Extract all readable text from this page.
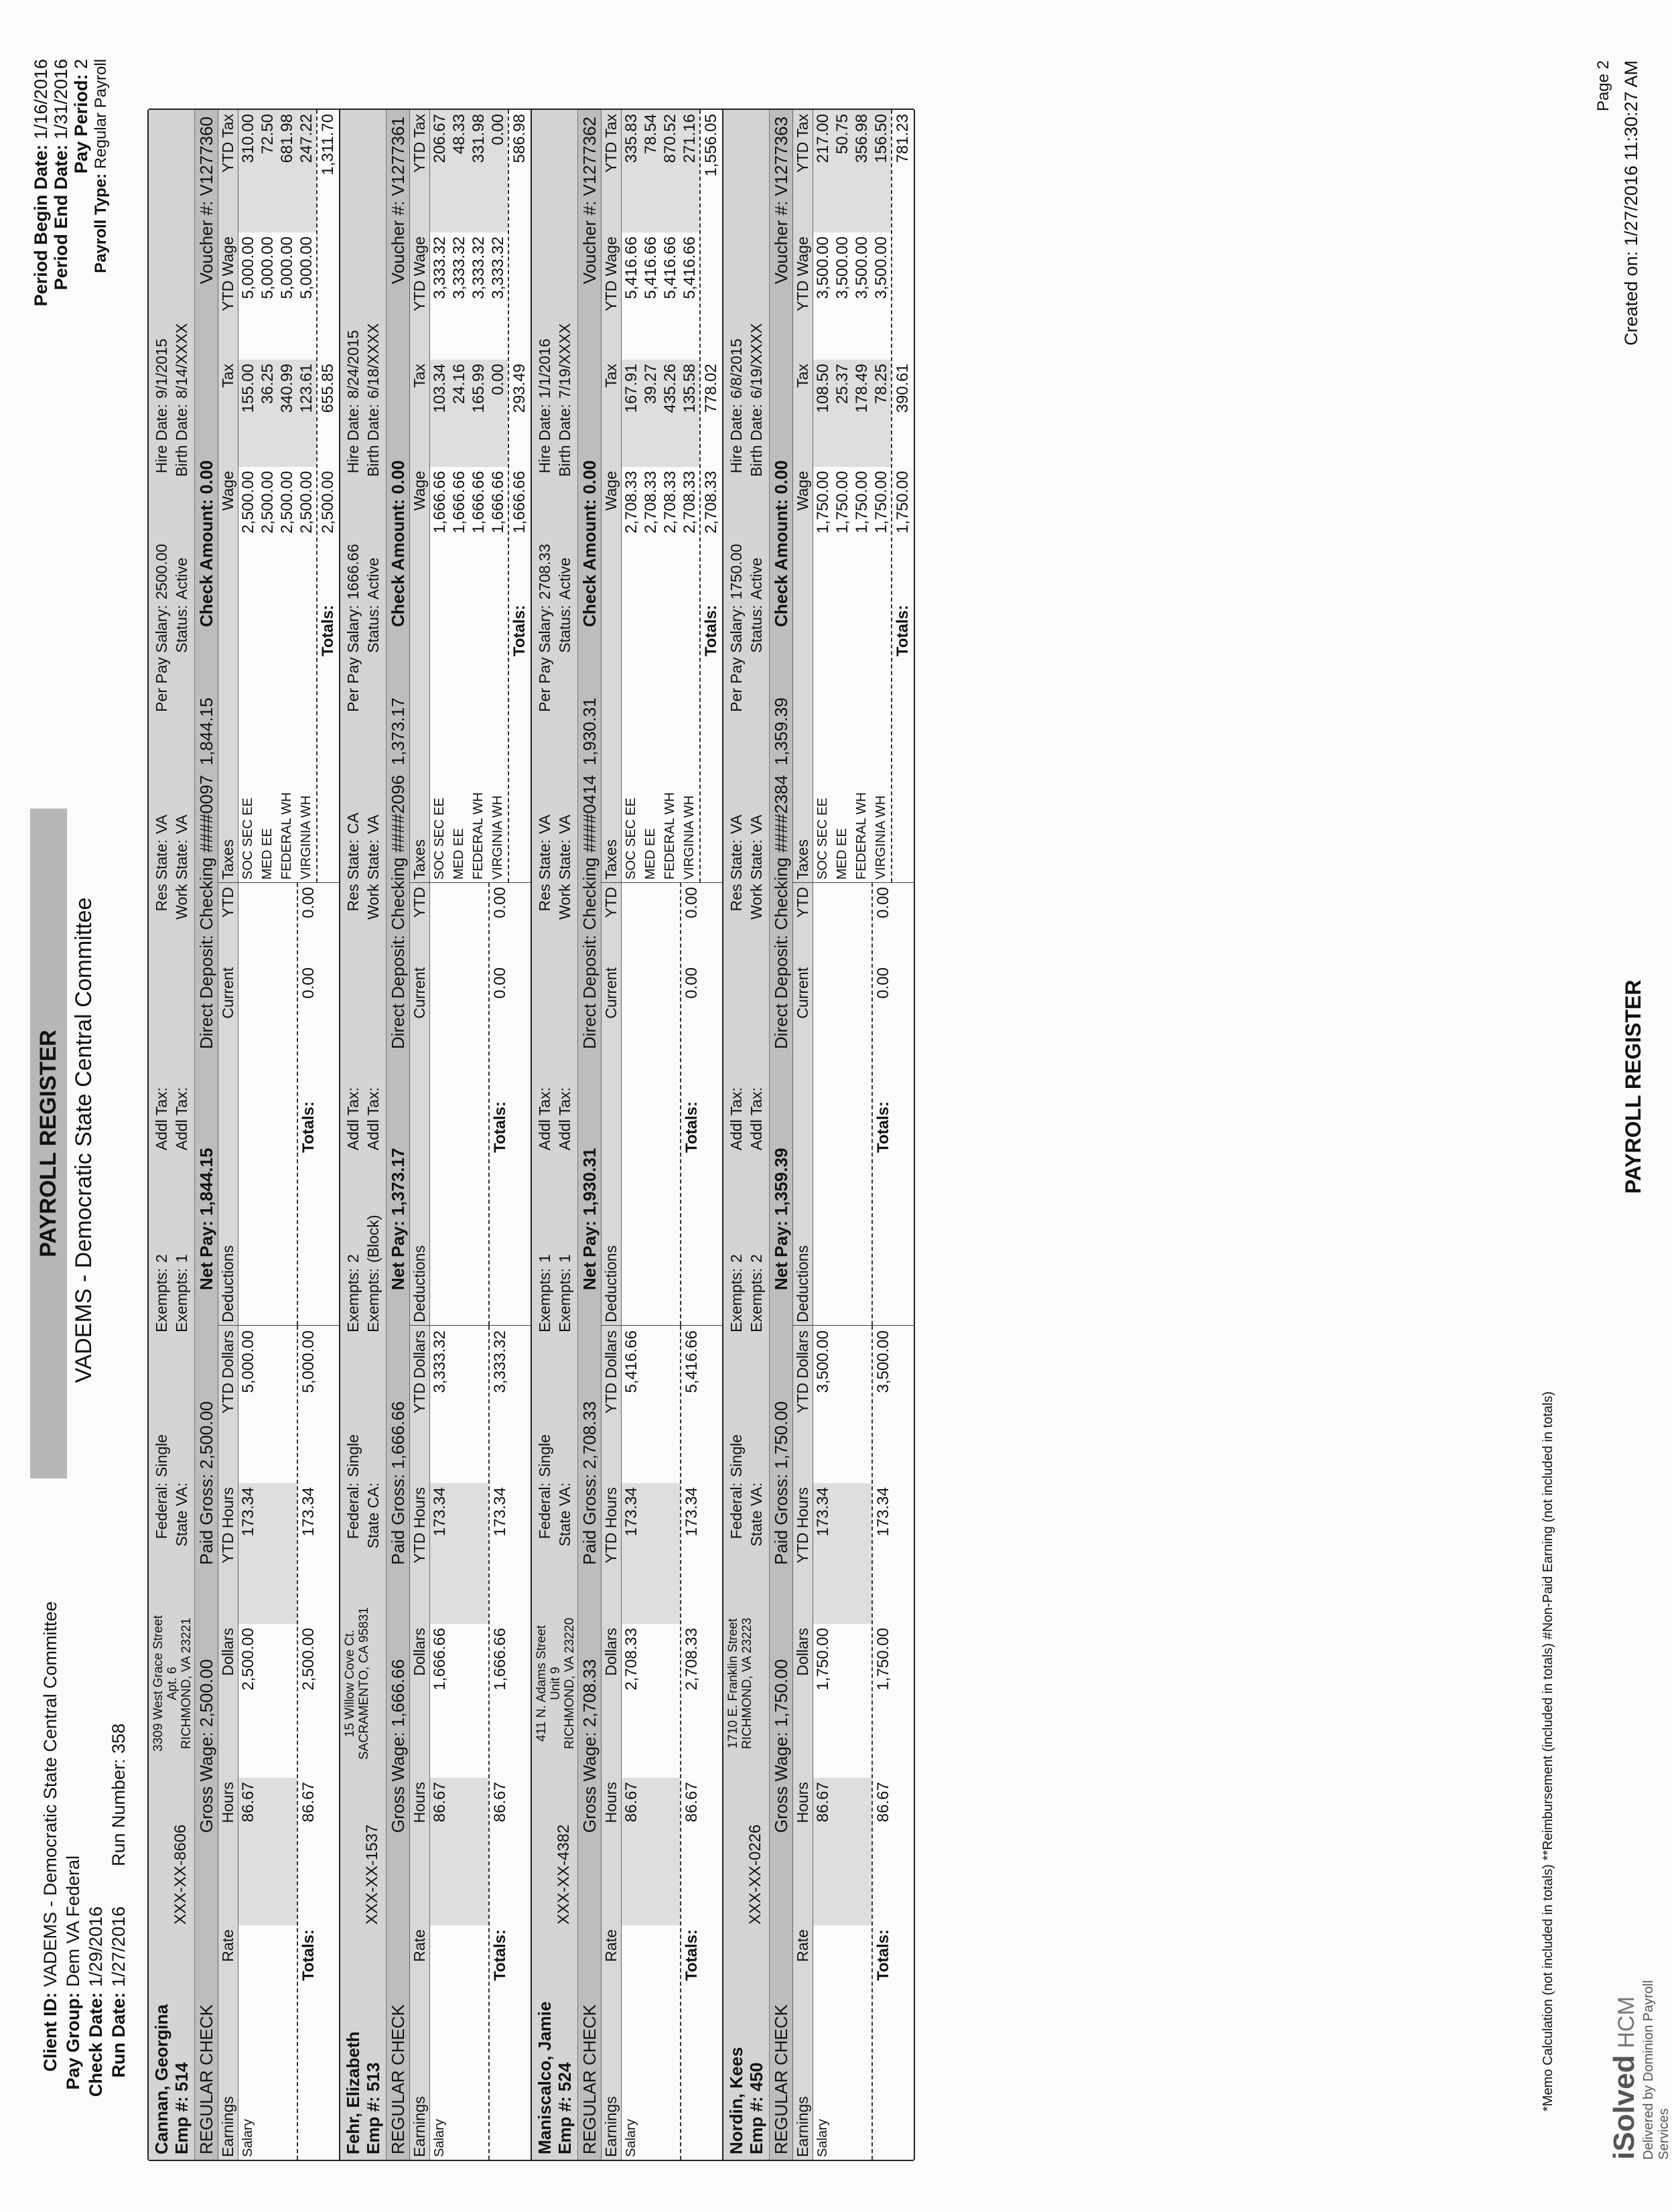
Client ID:VADEMS - Democratic State Central Committee
Pay Group:Dem VA Federal
Check Date:1/29/2016
Run Date:1/27/2016Run Number: 358
PAYROLL REGISTER VADEMS - Democratic State Central Committee
Period Begin Date: 1/16/2016
Period End Date: 1/31/2016 Pay Period: 2
Payroll Type: Regular Payroll
Cannan, Georgina Emp #: 514
XXX-XX-8606
3309 West Grace Street Apt. 6 RICHMOND, VA 23221
Federal:Single
State VA:
Exempts:2
Exempts:1
Addl Tax: Addl Tax:
Res State:VA
Work State:VA
Per Pay Salary:2500.00
Status:Active
Hire Date:9/1/2015
Birth Date:8/14/XXXX
REGULAR CHECK
Gross Wage: 2,500.00
Paid Gross: 2,500.00
Net Pay: 1,844.15
Direct Deposit: Checking ####0097  1,844.15
Check Amount: 0.00
Voucher #: V1277360
Earnings
Rate
Hours
Dollars
YTD Hours
YTD Dollars
Salary
86.67
2,500.00
173.34
5,000.00
Totals:
86.67
2,500.00
173.34
5,000.00
Deductions
Current
YTD
Totals:
0.00
0.00
Taxes
Wage
Tax
YTD Wage
YTD Tax
SOC SEC EE
2,500.00
155.00
5,000.00
310.00
MED EE
2,500.00
36.25
5,000.00
72.50
FEDERAL WH
2,500.00
340.99
5,000.00
681.98
VIRGINIA WH
2,500.00
123.61
5,000.00
247.22
Totals:
2,500.00
655.85
1,311.70
Fehr, Elizabeth Emp #: 513
XXX-XX-1537
15 Willow Cove Ct. SACRAMENTO, CA 95831
Federal:Single
State CA:
Exempts:2
Exempts:(Block)
Addl Tax: Addl Tax:
Res State:CA
Work State:VA
Per Pay Salary:1666.66
Status:Active
Hire Date:8/24/2015
Birth Date:6/18/XXXX
REGULAR CHECK
Gross Wage: 1,666.66
Paid Gross: 1,666.66
Net Pay: 1,373.17
Direct Deposit: Checking ####2096  1,373.17
Check Amount: 0.00
Voucher #: V1277361
Earnings
Rate
Hours
Dollars
YTD Hours
YTD Dollars
Salary
86.67
1,666.66
173.34
3,333.32
Totals:
86.67
1,666.66
173.34
3,333.32
Deductions
Current
YTD
Totals:
0.00
0.00
Taxes
Wage
Tax
YTD Wage
YTD Tax
SOC SEC EE
1,666.66
103.34
3,333.32
206.67
MED EE
1,666.66
24.16
3,333.32
48.33
FEDERAL WH
1,666.66
165.99
3,333.32
331.98
VIRGINIA WH
1,666.66
0.00
3,333.32
0.00
Totals:
1,666.66
293.49
586.98
Maniscalco, Jamie Emp #: 524
XXX-XX-4382
411 N. Adams Street Unit 9 RICHMOND, VA 23220
Federal:Single
State VA:
Exempts:1
Exempts:1
Addl Tax: Addl Tax:
Res State:VA
Work State:VA
Per Pay Salary:2708.33
Status:Active
Hire Date:1/1/2016
Birth Date:7/19/XXXX
REGULAR CHECK
Gross Wage: 2,708.33
Paid Gross: 2,708.33
Net Pay: 1,930.31
Direct Deposit: Checking ####0414  1,930.31
Check Amount: 0.00
Voucher #: V1277362
Earnings
Rate
Hours
Dollars
YTD Hours
YTD Dollars
Salary
86.67
2,708.33
173.34
5,416.66
Totals:
86.67
2,708.33
173.34
5,416.66
Deductions
Current
YTD
Totals:
0.00
0.00
Taxes
Wage
Tax
YTD Wage
YTD Tax
SOC SEC EE
2,708.33
167.91
5,416.66
335.83
MED EE
2,708.33
39.27
5,416.66
78.54
FEDERAL WH
2,708.33
435.26
5,416.66
870.52
VIRGINIA WH
2,708.33
135.58
5,416.66
271.16
Totals:
2,708.33
778.02
1,556.05
Nordin, Kees Emp #: 450
XXX-XX-0226
1710 E. Franklin Street RICHMOND, VA 23223
Federal:Single
State VA:
Exempts:2
Exempts:2
Addl Tax: Addl Tax:
Res State:VA
Work State:VA
Per Pay Salary:1750.00
Status:Active
Hire Date:6/8/2015
Birth Date:6/19/XXXX
REGULAR CHECK
Gross Wage: 1,750.00
Paid Gross: 1,750.00
Net Pay: 1,359.39
Direct Deposit: Checking ####2384  1,359.39
Check Amount: 0.00
Voucher #: V1277363
Earnings
Rate
Hours
Dollars
YTD Hours
YTD Dollars
Salary
86.67
1,750.00
173.34
3,500.00
Totals:
86.67
1,750.00
173.34
3,500.00
Deductions
Current
YTD
Totals:
0.00
0.00
Taxes
Wage
Tax
YTD Wage
YTD Tax
SOC SEC EE
1,750.00
108.50
3,500.00
217.00
MED EE
1,750.00
25.37
3,500.00
50.75
FEDERAL WH
1,750.00
178.49
3,500.00
356.98
VIRGINIA WH
1,750.00
78.25
3,500.00
156.50
Totals:
1,750.00
390.61
781.23
*Memo Calculation (not included in totals) **Reimbursement (included in totals) #Non-Paid Earning (not included in totals) iSolvedHCM Delivered by Dominion Payroll Services
PAYROLL REGISTER
Page 2 Created on: 1/27/2016 11:30:27 AM
